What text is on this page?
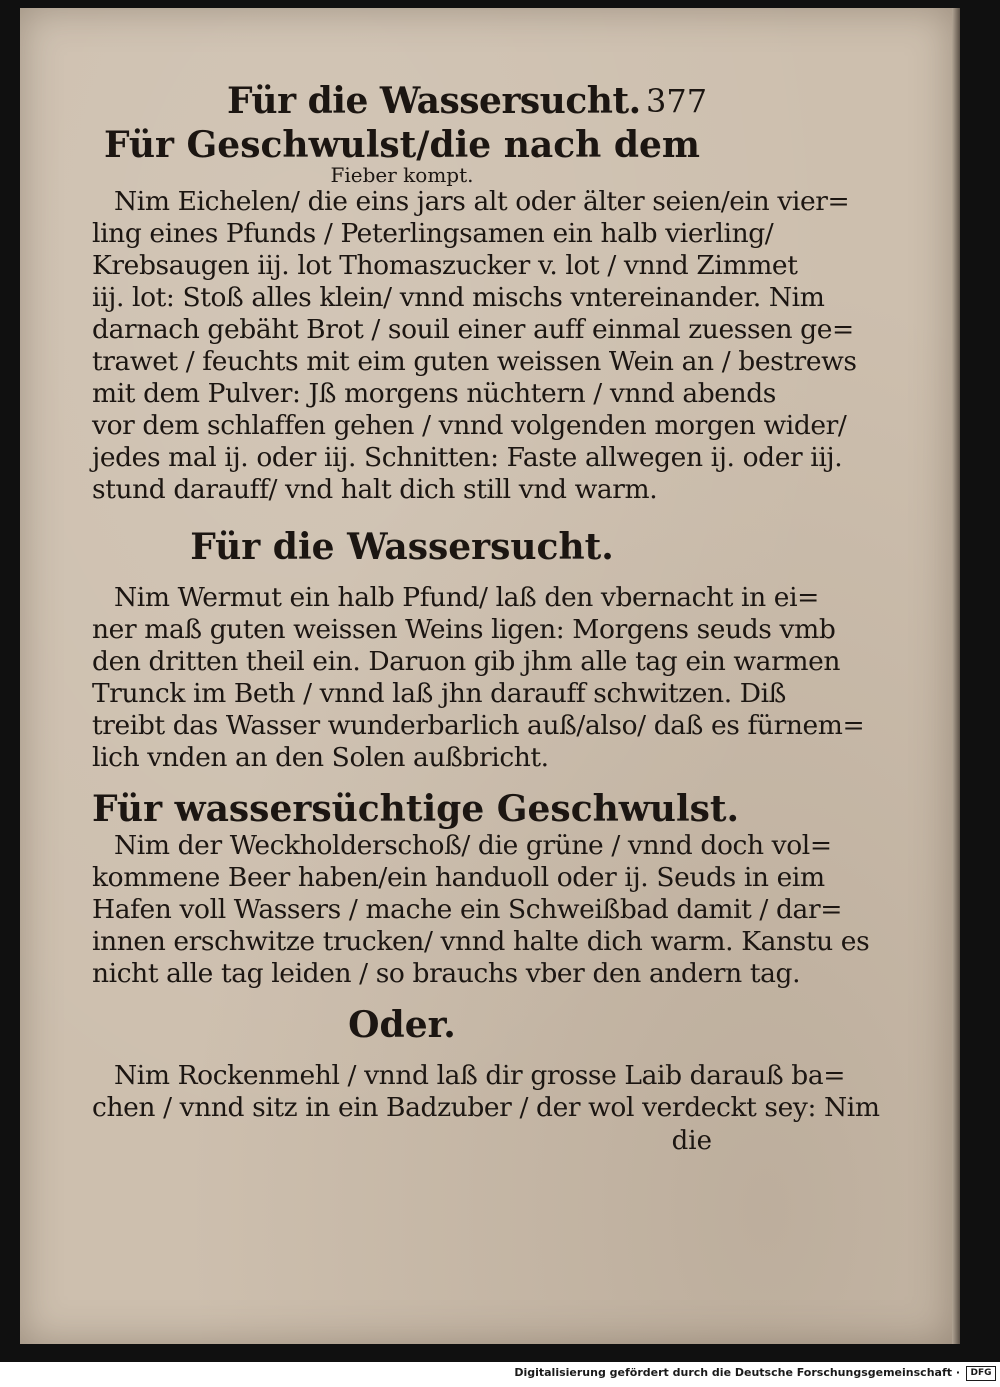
Für die Wassersucht. 377
Für Geschwulst/die nach dem
Fieber kompt.
Nim Eichelen/ die eins jars alt oder älter seien/ein vier=
ling eines Pfunds / Peterlingsamen ein halb vierling/
Krebsaugen iij. lot Thomaszucker v. lot / vnnd Zimmet
iij. lot: Stoß alles klein/ vnnd mischs vntereinander. Nim
darnach gebäht Brot / souil einer auff einmal zuessen ge=
trawet / feuchts mit eim guten weissen Wein an / bestrews
mit dem Pulver: Jß morgens nüchtern / vnnd abends
vor dem schlaffen gehen / vnnd volgenden morgen wider/
jedes mal ij. oder iij. Schnitten: Faste allwegen ij. oder iij.
stund darauff/ vnd halt dich still vnd warm.
Für die Wassersucht.
Nim Wermut ein halb Pfund/ laß den vbernacht in ei=
ner maß guten weissen Weins ligen: Morgens seuds vmb
den dritten theil ein. Daruon gib jhm alle tag ein warmen
Trunck im Beth / vnnd laß jhn darauff schwitzen. Diß
treibt das Wasser wunderbarlich auß/also/ daß es fürnem=
lich vnden an den Solen außbricht.
Für wassersüchtige Geschwulst.
Nim der Weckholderschoß/ die grüne / vnnd doch vol=
kommene Beer haben/ein handuoll oder ij. Seuds in eim
Hafen voll Wassers / mache ein Schweißbad damit / dar=
innen erschwitze trucken/ vnnd halte dich warm. Kanstu es
nicht alle tag leiden / so brauchs vber den andern tag.
Oder.
Nim Rockenmehl / vnnd laß dir grosse Laib darauß ba=
chen / vnnd sitz in ein Badzuber / der wol verdeckt sey: Nim
die
Digitalisierung gefördert durch die Deutsche Forschungsgemeinschaft ·	DFG
